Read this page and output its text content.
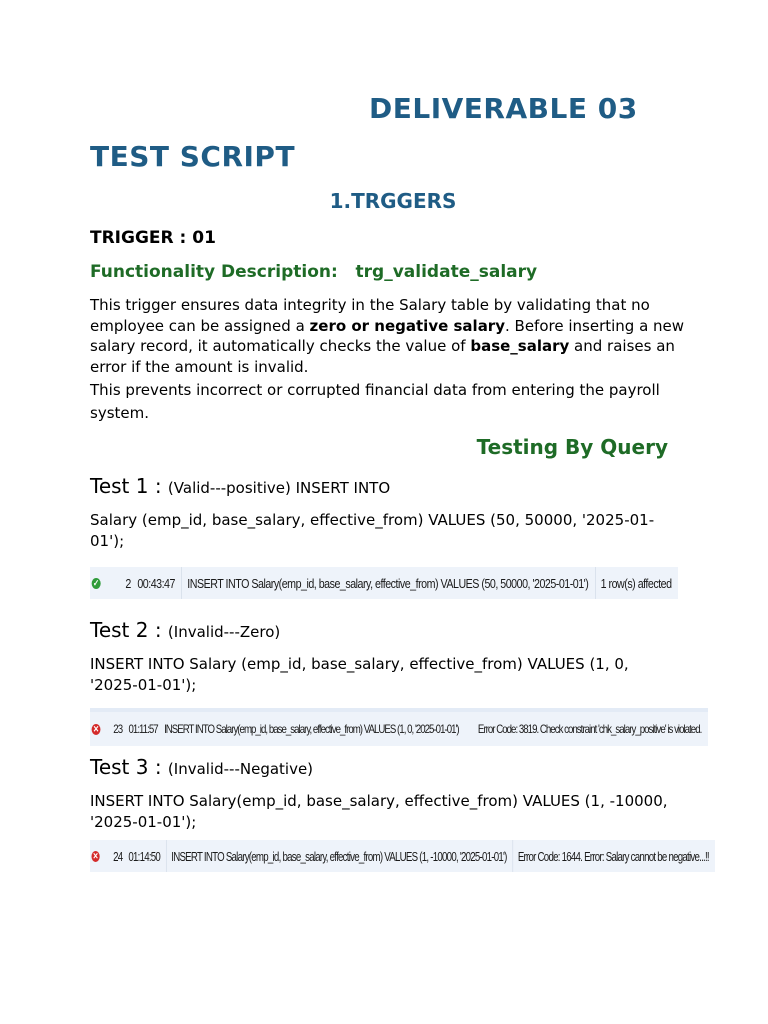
DELIVERABLE 03
TEST SCRIPT
1.TRGGERS
TRIGGER : 01
Functionality Description:   trg_validate_salary
This trigger ensures data integrity in the Salary table by validating that no employee can be assigned a zero or negative salary. Before inserting a new salary record, it automatically checks the value of base_salary and raises an error if the amount is invalid.
This prevents incorrect or corrupted financial data from entering the payroll system.
Testing By Query
Test 1 : (Valid---positive) INSERT INTO
Salary (emp_id, base_salary, effective_from) VALUES (50, 50000, '2025-01-01');
✓	2 00:43:47 INSERT INTO Salary(emp_id, base_salary, effective_from) VALUES (50, 50000, '2025-01-01') 1 row(s) affected
Test 2 : (Invalid---Zero)
INSERT INTO Salary (emp_id, base_salary, effective_from) VALUES (1, 0, '2025-01-01');
✕	23 01:11:57 INSERT INTO Salary(emp_id, base_salary, effective_from) VALUES (1, 0, '2025-01-01')	Error Code: 3819. Check constraint 'chk_salary_positive' is violated.
Test 3 : (Invalid---Negative)
INSERT INTO Salary(emp_id, base_salary, effective_from) VALUES (1, -10000, '2025-01-01');
✕	24 01:14:50 INSERT INTO Salary(emp_id, base_salary, effective_from) VALUES (1, -10000, '2025-01-01') Error Code: 1644. Error: Salary cannot be negative...!!
